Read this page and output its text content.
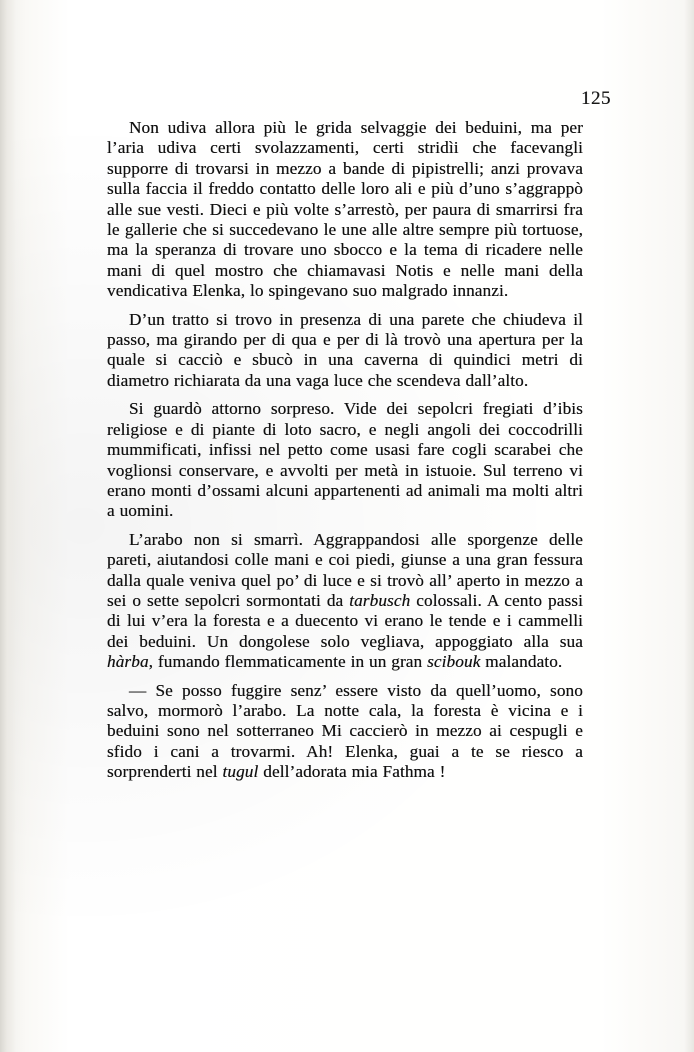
125

Non udiva allora più le grida selvaggie dei beduini, ma per l’aria udiva certi svolazzamenti, certi stridìi che facevangli supporre di trovarsi in mezzo a bande di pipistrelli; anzi provava sulla faccia il freddo contatto delle loro ali e più d’uno s’aggrappò alle sue vesti. Dieci e più volte s’arrestò, per paura di smarrirsi fra le gallerie che si succedevano le une alle altre sempre più tortuose, ma la speranza di trovare uno sbocco e la tema di ricadere nelle mani di quel mostro che chiamavasi Notis e nelle mani della vendicativa Elenka, lo spingevano suo malgrado innanzi.

D’un tratto si trovo in presenza di una parete che chiudeva il passo, ma girando per di qua e per di là trovò una apertura per la quale si cacciò e sbucò in una caverna di quindici metri di diametro richiarata da una vaga luce che scendeva dall’alto.

Si guardò attorno sorpreso. Vide dei sepolcri fregiati d’ibis religiose e di piante di loto sacro, e negli angoli dei coccodrilli mummificati, infissi nel petto come usasi fare cogli scarabei che voglionsi conservare, e avvolti per metà in istuoie. Sul terreno vi erano monti d’ossami alcuni appartenenti ad animali ma molti altri a uomini.

L’arabo non si smarrì. Aggrappandosi alle sporgenze delle pareti, aiutandosi colle mani e coi piedi, giunse a una gran fessura dalla quale veniva quel po’ di luce e si trovò all’ aperto in mezzo a sei o sette sepolcri sormontati da tarbusch colossali. A cento passi di lui v’era la foresta e a duecento vi erano le tende e i cammelli dei beduini. Un dongolese solo vegliava, appoggiato alla sua hàrba, fumando flemmaticamente in un gran scibouk malandato.

— Se posso fuggire senz’ essere visto da quell’uomo, sono salvo, mormorò l’arabo. La notte cala, la foresta è vicina e i beduini sono nel sotterraneo Mi caccierò in mezzo ai cespugli e sfido i cani a trovarmi. Ah! Elenka, guai a te se riesco a sorprenderti nel tugul dell’adorata mia Fathma !
